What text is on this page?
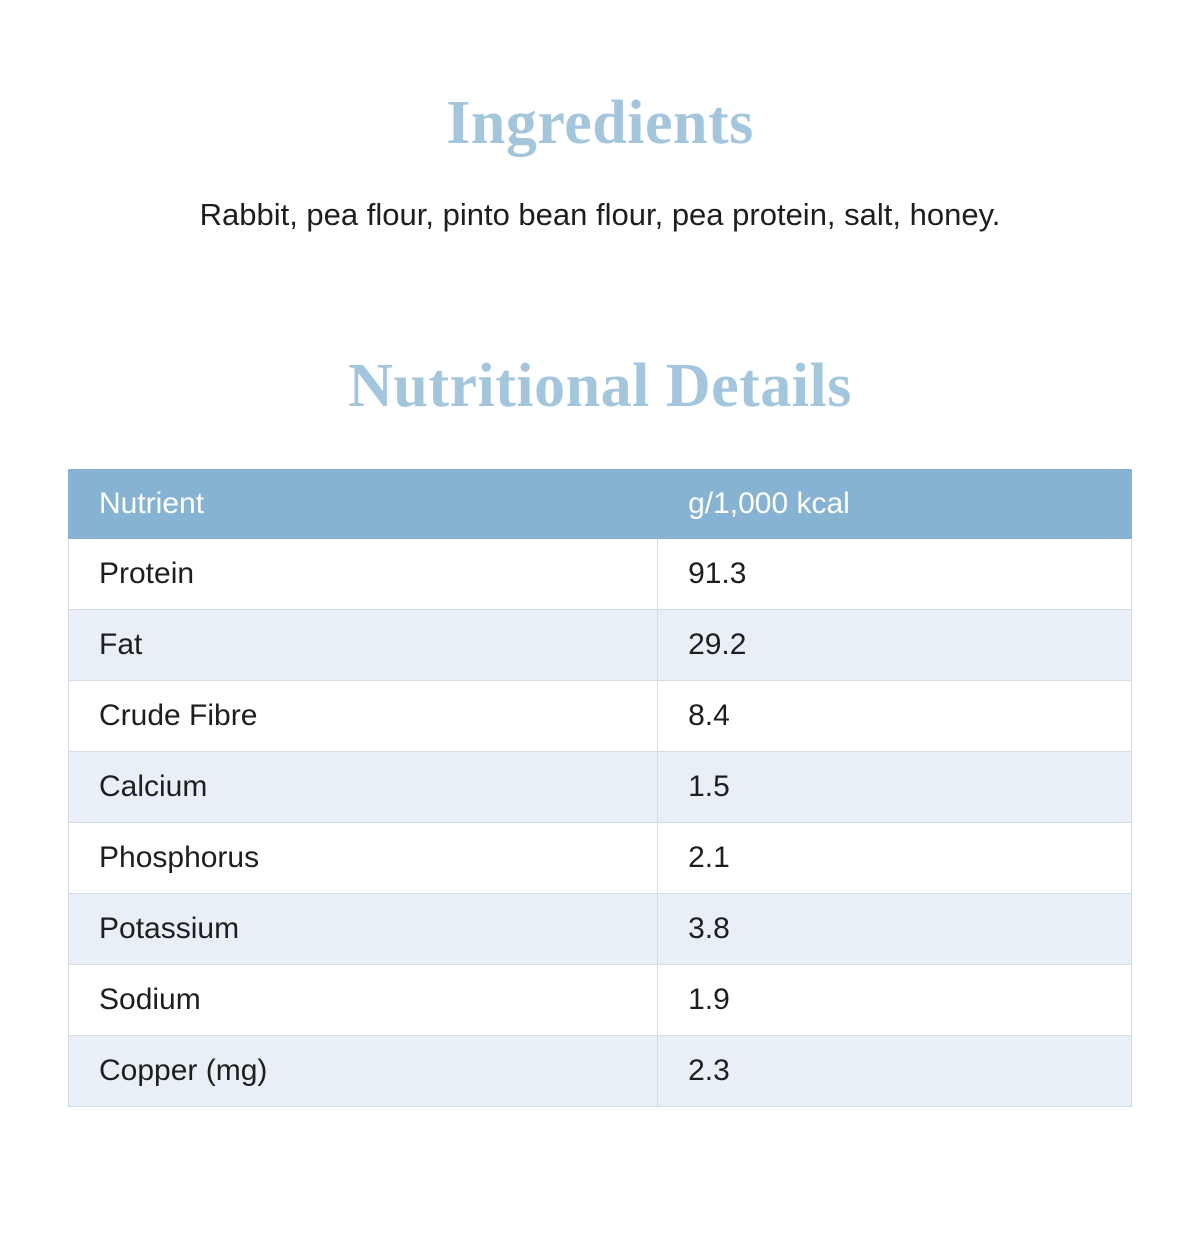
Ingredients

Rabbit, pea flour, pinto bean flour, pea protein, salt, honey.

Nutritional Details
Nutrient	g/1,000 kcal
Protein	91.3
Fat	29.2
Crude Fibre	8.4
Calcium	1.5
Phosphorus	2.1
Potassium	3.8
Sodium	1.9
Copper (mg)	2.3
